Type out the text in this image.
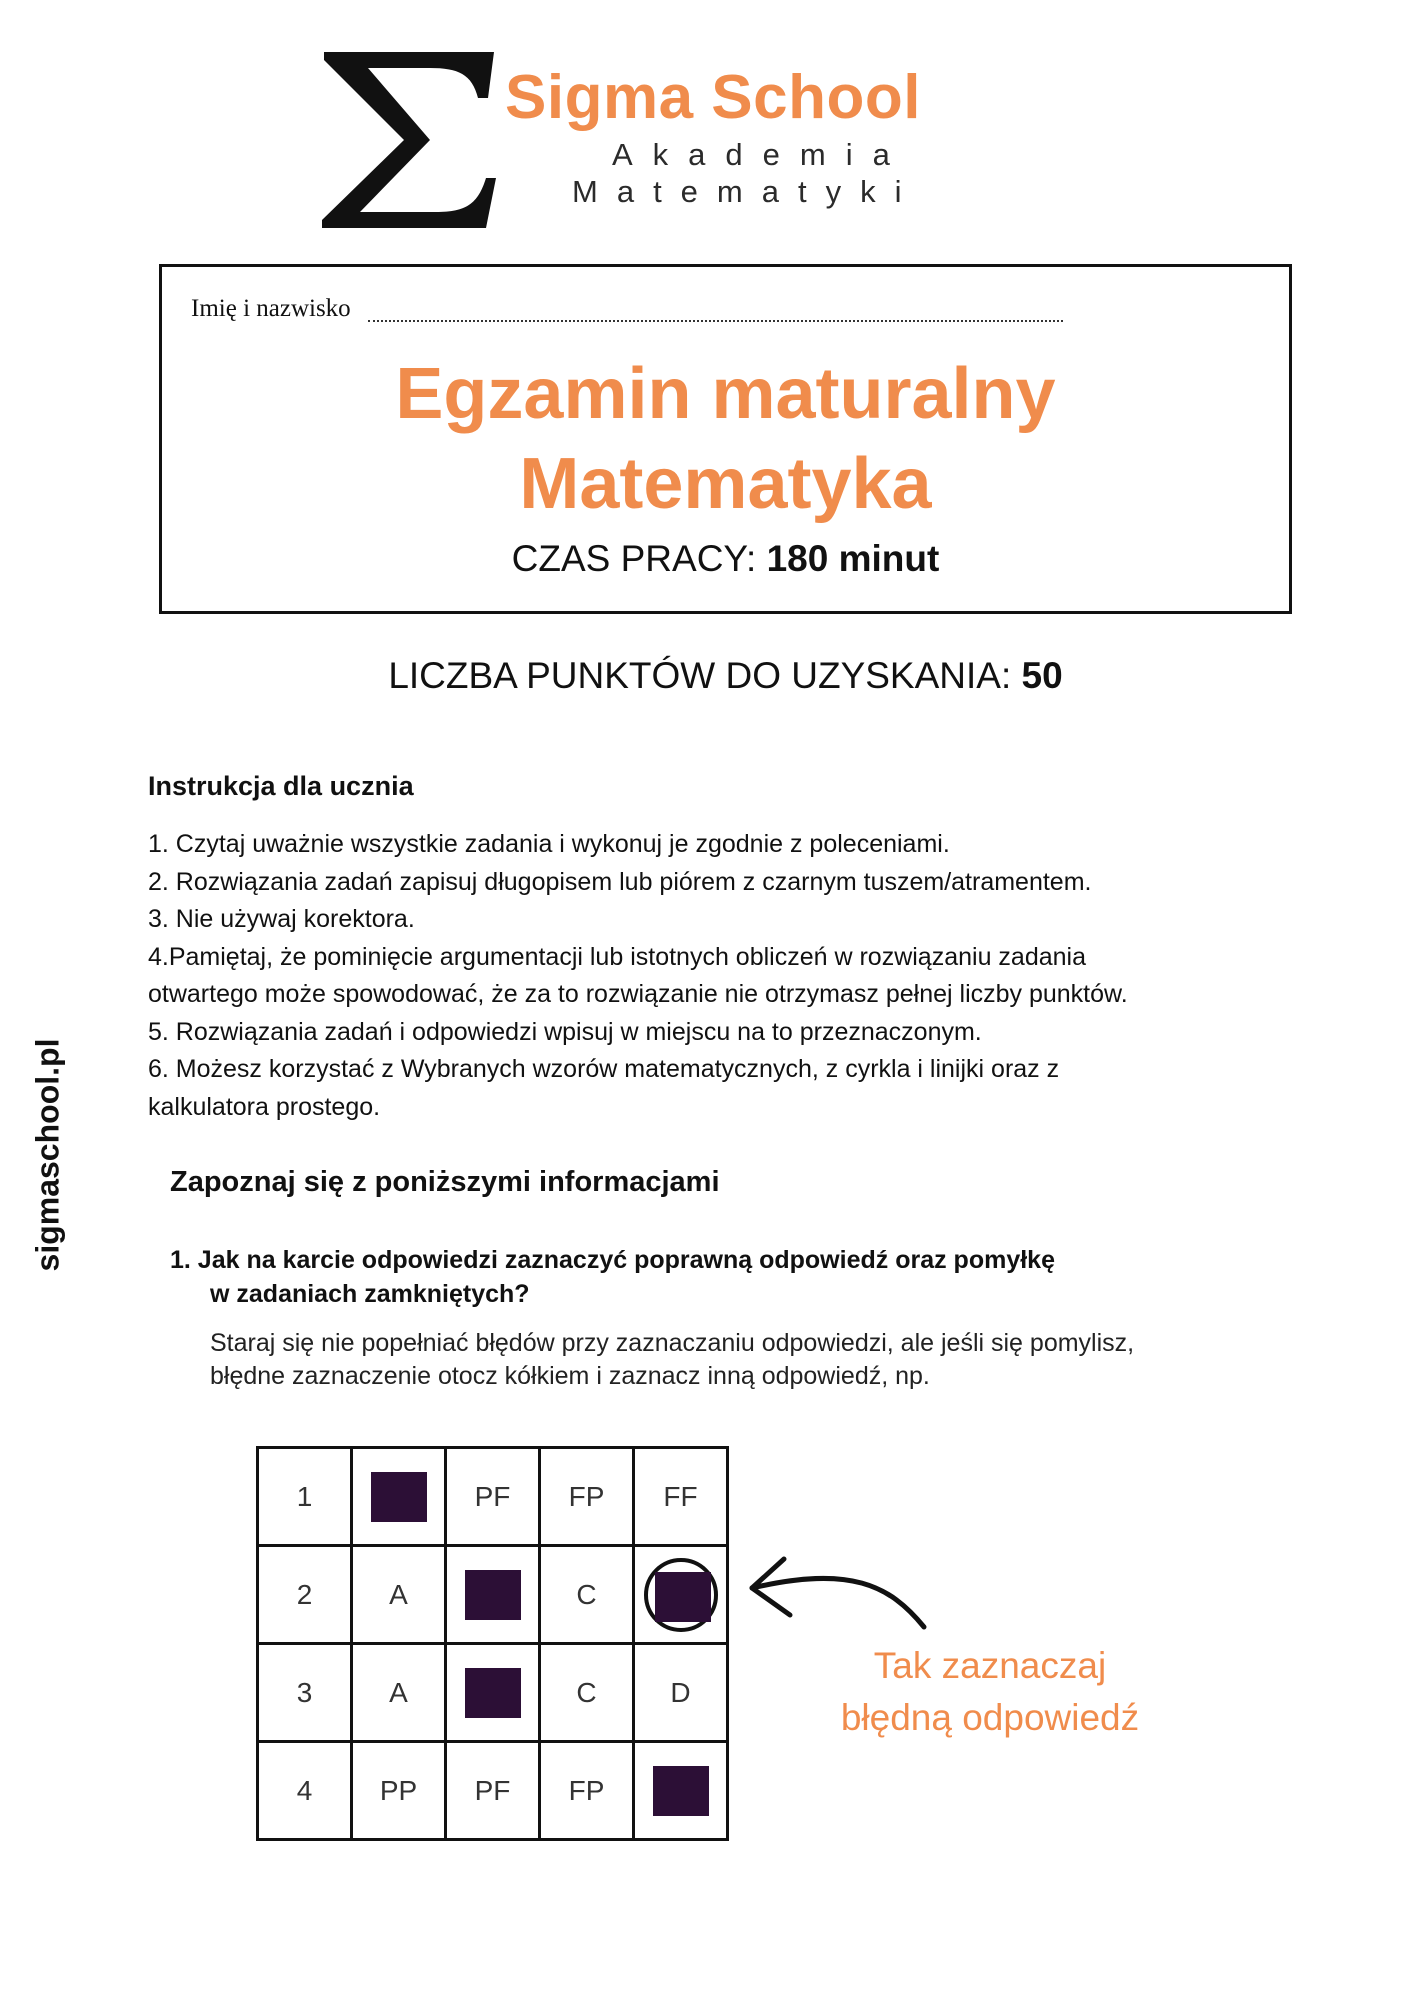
Sigma School
Akademia
Matematyki
Imię i nazwisko
Egzamin maturalny
Matematyka
CZAS PRACY: 180 minut
LICZBA PUNKTÓW DO UZYSKANIA: 50
sigmaschool.pl
Instrukcja dla ucznia
1. Czytaj uważnie wszystkie zadania i wykonuj je zgodnie z poleceniami.
2. Rozwiązania zadań zapisuj długopisem lub piórem z czarnym tuszem/atramentem.
3. Nie używaj korektora.
4.Pamiętaj, że pominięcie argumentacji lub istotnych obliczeń w rozwiązaniu zadania otwartego może spowodować, że za to rozwiązanie nie otrzymasz pełnej liczby punktów.
5. Rozwiązania zadań i odpowiedzi wpisuj w miejscu na to przeznaczonym.
6. Możesz korzystać z Wybranych wzorów matematycznych, z cyrkla i linijki oraz z kalkulatora prostego.
Zapoznaj się z poniższymi informacjami
1. Jak na karcie odpowiedzi zaznaczyć poprawną odpowiedź oraz pomyłkę
w zadaniach zamkniętych?
Staraj się nie popełniać błędów przy zaznaczaniu odpowiedzi, ale jeśli się pomylisz, błędne zaznaczenie otocz kółkiem i zaznacz inną odpowiedź, np.
1		PF	FP	FF
2	A		C	

3	A		C	D
4	PP	PF	FP	
Tak zaznaczaj
błędną odpowiedź
